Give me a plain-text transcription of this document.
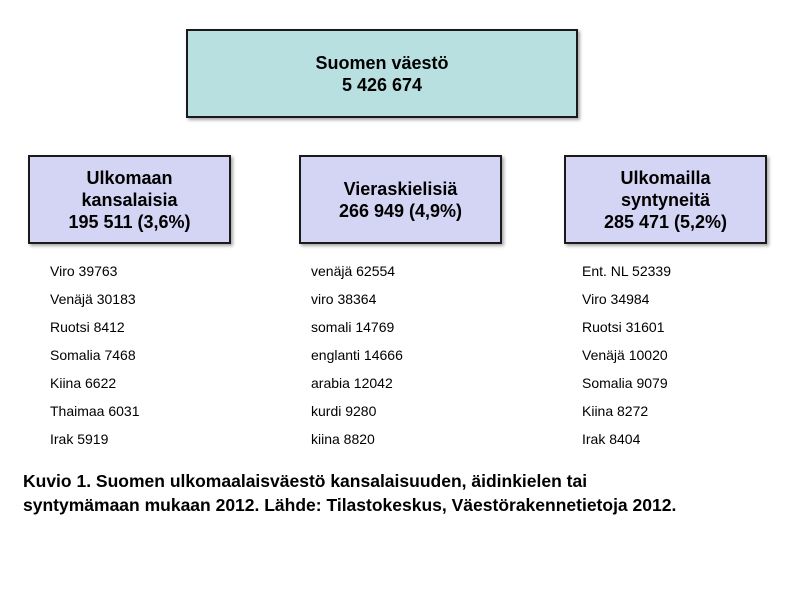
Suomen väestö
5 426 674
Ulkomaan
kansalaisia
195 511 (3,6%)
Vieraskielisiä
266 949 (4,9%)
Ulkomailla
syntyneitä
285 471 (5,2%)
Viro 39763
Venäjä 30183
Ruotsi 8412
Somalia 7468
Kiina 6622
Thaimaa 6031
Irak 5919
venäjä 62554
viro 38364
somali 14769
englanti 14666
arabia 12042
kurdi 9280
kiina 8820
Ent. NL 52339
Viro 34984
Ruotsi 31601
Venäjä 10020
Somalia 9079
Kiina 8272
Irak 8404

Kuvio 1. Suomen ulkomaalaisväestö kansalaisuuden, äidinkielen tai
syntymämaan mukaan 2012. Lähde: Tilastokeskus, Väestörakennetietoja 2012.
